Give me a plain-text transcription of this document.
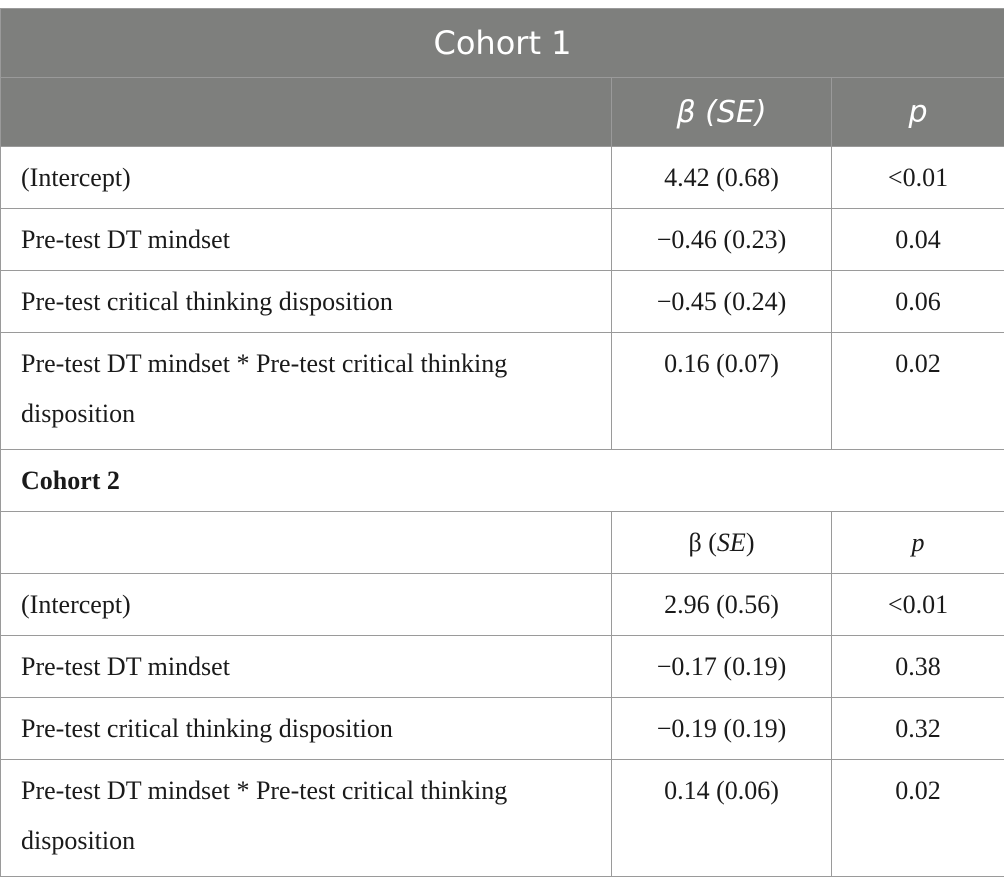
Cohort 1		
	β (SE)	p
(Intercept)	4.42 (0.68)	<0.01
Pre-test DT mindset	−0.46 (0.23)	0.04
Pre-test critical thinking disposition	−0.45 (0.24)	0.06
Pre-test DT mindset * Pre-test critical thinking disposition	0.16 (0.07)	0.02
Cohort 2		
	β (SE)	p
(Intercept)	2.96 (0.56)	<0.01
Pre-test DT mindset	−0.17 (0.19)	0.38
Pre-test critical thinking disposition	−0.19 (0.19)	0.32
Pre-test DT mindset * Pre-test critical thinking disposition	0.14 (0.06)	0.02
